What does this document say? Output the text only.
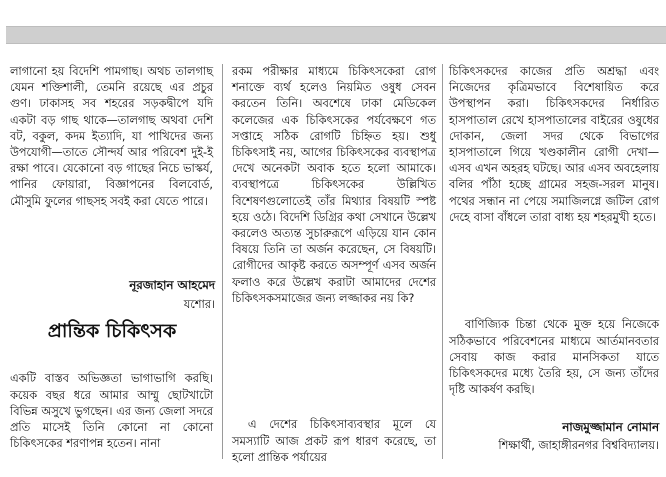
লাগানো হয় বিদেশি পামগাছ। অথচ তালগাছ যেমন শক্তিশালী, তেমনি রয়েছে এর প্রচুর গুণ। ঢাকাসহ সব শহরের সড়কদ্বীপে যদি একটা বড় গাছ থাকে—তালগাছ অথবা দেশি বট, বকুল, কদম ইত্যাদি, যা পাখিদের জন্য উপযোগী—তাতে সৌন্দর্য আর পরিবেশ দুই-ই রক্ষা পাবে। যেকোনো বড় গাছের নিচে ভাস্কর্য, পানির ফোয়ারা, বিজ্ঞাপনের বিলবোর্ড, মৌসুমি ফুলের গাছসহ সবই করা যেতে পারে।

নূরজাহান আহমেদ
যশোর।
প্রান্তিক চিকিৎসক

একটি বাস্তব অভিজ্ঞতা ভাগাভাগি করছি। কয়েক বছর ধরে আমার আম্মু ছোটখাটো বিভিন্ন অসুখে ভুগছেন। এর জন্য জেলা সদরে প্রতি মাসেই তিনি কোনো না কোনো চিকিৎসকের শরণাপন্ন হতেন। নানা

রকম পরীক্ষার মাধ্যমে চিকিৎসকেরা রোগ শনাক্তে ব্যর্থ হলেও নিয়মিত ওষুধ সেবন করতেন তিনি। অবশেষে ঢাকা মেডিকেল কলেজের এক চিকিৎসকের পর্যবেক্ষণে গত সপ্তাহে সঠিক রোগটি চিহ্নিত হয়। শুধু চিকিৎসাই নয়, আগের চিকিৎসকের ব্যবস্থাপত্র দেখে অনেকটা অবাক হতে হলো আমাকে। ব্যবস্থাপত্রে চিকিৎসকের উল্লিখিত বিশেষণগুলোতেই তাঁর মিথ্যার বিষয়টি স্পষ্ট হয়ে ওঠে। বিদেশি ডিগ্রির কথা সেখানে উল্লেখ করলেও অত্যন্ত সুচারুরূপে এড়িয়ে যান কোন বিষয়ে তিনি তা অর্জন করেছেন, সে বিষয়টি। রোগীদের আকৃষ্ট করতে অসম্পূর্ণ এসব অর্জন ফলাও করে উল্লেখ করাটা আমাদের দেশের চিকিৎসকসমাজের জন্য লজ্জাকর নয় কি?

এ দেশের চিকিৎসাব্যবস্থার মূলে যে সমস্যাটি আজ প্রকট রূপ ধারণ করেছে, তা হলো প্রান্তিক পর্যায়ের

চিকিৎসকদের কাজের প্রতি অশ্রদ্ধা এবং নিজেদের কৃত্রিমভাবে বিশেষায়িত করে উপস্থাপন করা। চিকিৎসকদের নির্ধারিত হাসপাতাল রেখে হাসপাতালের বাইরের ওষুধের দোকান, জেলা সদর থেকে বিভাগের হাসপাতালে গিয়ে খণ্ডকালীন রোগী দেখা—এসব এখন অহরহ ঘটছে। আর এসব অবহেলায় বলির পাঁঠা হচ্ছে গ্রামের সহজ-সরল মানুষ। পথের সন্ধান না পেয়ে সমাজিলগ্নে জটিল রোগ দেহে বাসা বাঁধলে তারা বাধ্য হয় শহরমুখী হতে।

বাণিজ্যিক চিন্তা থেকে মুক্ত হয়ে নিজেকে সঠিকভাবে পরিবেশনের মাধ্যমে আর্তমানবতার সেবায় কাজ করার মানসিকতা যাতে চিকিৎসকদের মধ্যে তৈরি হয়, সে জন্য তাঁদের দৃষ্টি আকর্ষণ করছি।

নাজমুজ্জামান নোমান
শিক্ষার্থী, জাহাঙ্গীরনগর বিশ্ববিদ্যালয়।
